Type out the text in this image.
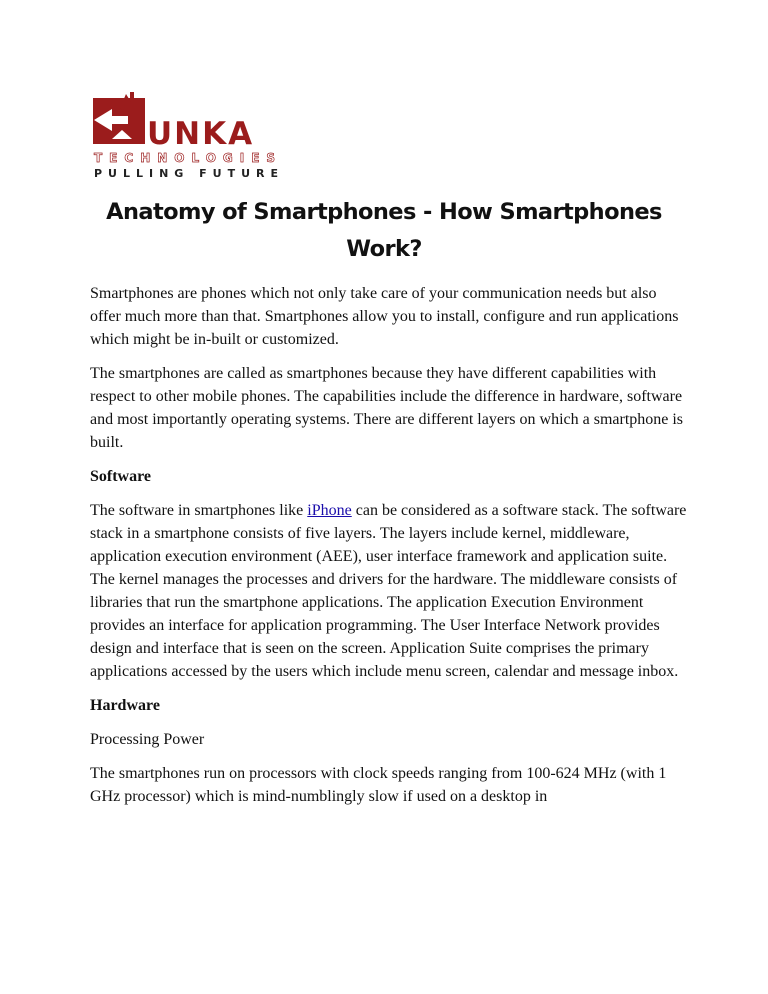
UNKA
TECHNOLOGIES
PULLING FUTURE
Anatomy of Smartphones - How Smartphones
Work?

Smartphones are phones which not only take care of your communication needs but also offer much more than that. Smartphones allow you to install, configure and run applications which might be in-built or customized.

The smartphones are called as smartphones because they have different capabilities with respect to other mobile phones. The capabilities include the difference in hardware, software and most importantly operating systems. There are different layers on which a smartphone is built.

Software

The software in smartphones like iPhone can be considered as a software stack. The software stack in a smartphone consists of five layers. The layers include kernel, middleware, application execution environment (AEE), user interface framework and application suite. The kernel manages the processes and drivers for the hardware. The middleware consists of libraries that run the smartphone applications. The application Execution Environment provides an interface for application programming. The User Interface Network provides design and interface that is seen on the screen. Application Suite comprises the primary applications accessed by the users which include menu screen, calendar and message inbox.

Hardware

Processing Power

The smartphones run on processors with clock speeds ranging from 100-624 MHz (with 1 GHz processor) which is mind-numblingly slow if used on a desktop in
